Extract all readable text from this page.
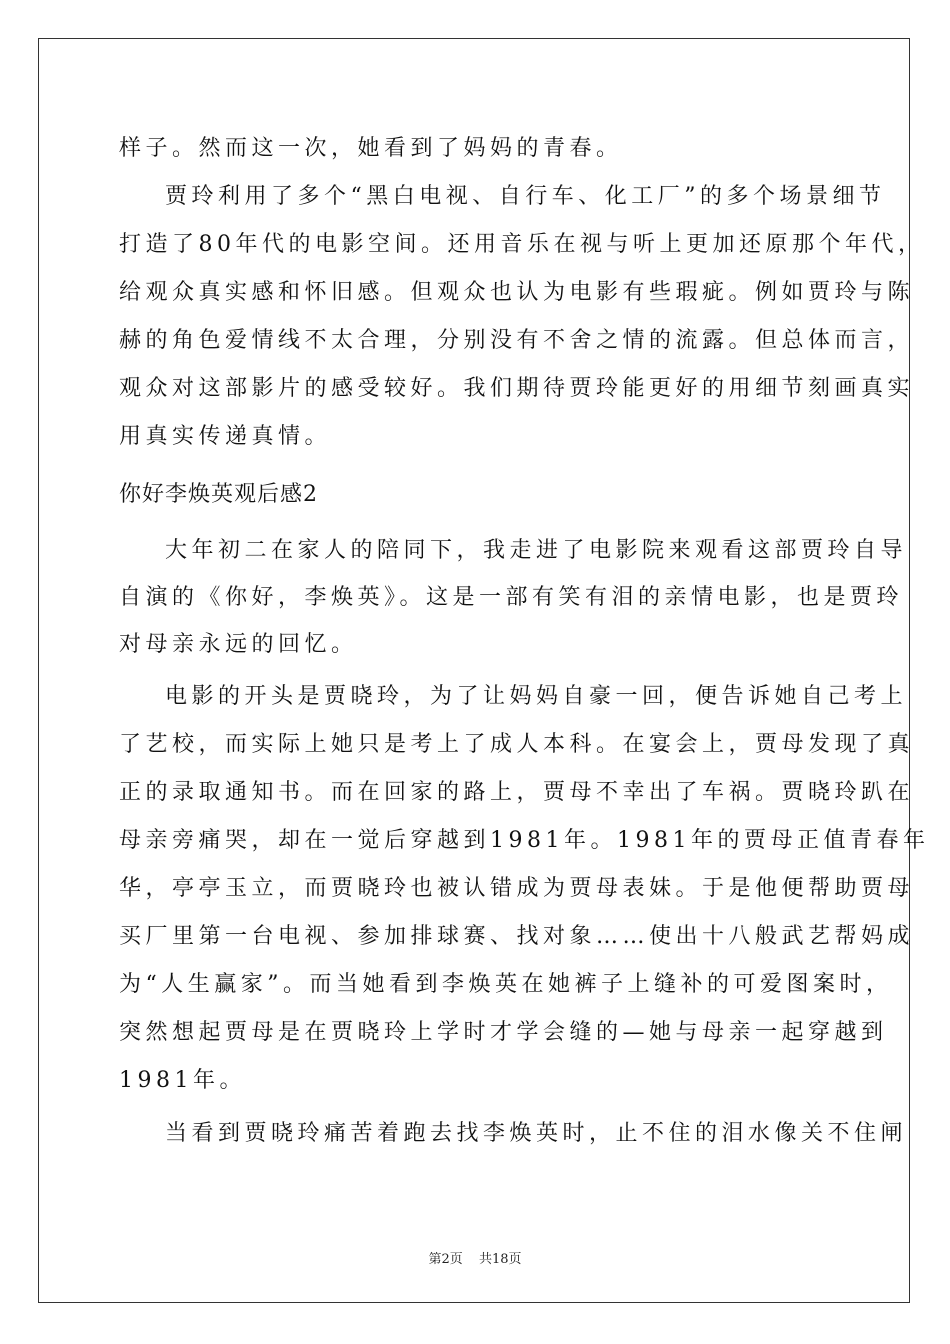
样子。然而这一次，她看到了妈妈的青春。
贾玲利用了多个“黑白电视、自行车、化工厂”的多个场景细节
打造了80年代的电影空间。还用音乐在视与听上更加还原那个年代，
给观众真实感和怀旧感。但观众也认为电影有些瑕疵。例如贾玲与陈
赫的角色爱情线不太合理，分别没有不舍之情的流露。但总体而言，
观众对这部影片的感受较好。我们期待贾玲能更好的用细节刻画真实
用真实传递真情。
你好李焕英观后感2
大年初二在家人的陪同下，我走进了电影院来观看这部贾玲自导
自演的《你好，李焕英》。这是一部有笑有泪的亲情电影，也是贾玲
对母亲永远的回忆。
电影的开头是贾晓玲，为了让妈妈自豪一回，便告诉她自己考上
了艺校，而实际上她只是考上了成人本科。在宴会上，贾母发现了真
正的录取通知书。而在回家的路上，贾母不幸出了车祸。贾晓玲趴在
母亲旁痛哭，却在一觉后穿越到1981年。1981年的贾母正值青春年
华，亭亭玉立，而贾晓玲也被认错成为贾母表妹。于是他便帮助贾母
买厂里第一台电视、参加排球赛、找对象……使出十八般武艺帮妈成
为“人生赢家”。而当她看到李焕英在她裤子上缝补的可爱图案时，
突然想起贾母是在贾晓玲上学时才学会缝的—她与母亲一起穿越到
1981年。
当看到贾晓玲痛苦着跑去找李焕英时，止不住的泪水像关不住闸
第2页 共18页
